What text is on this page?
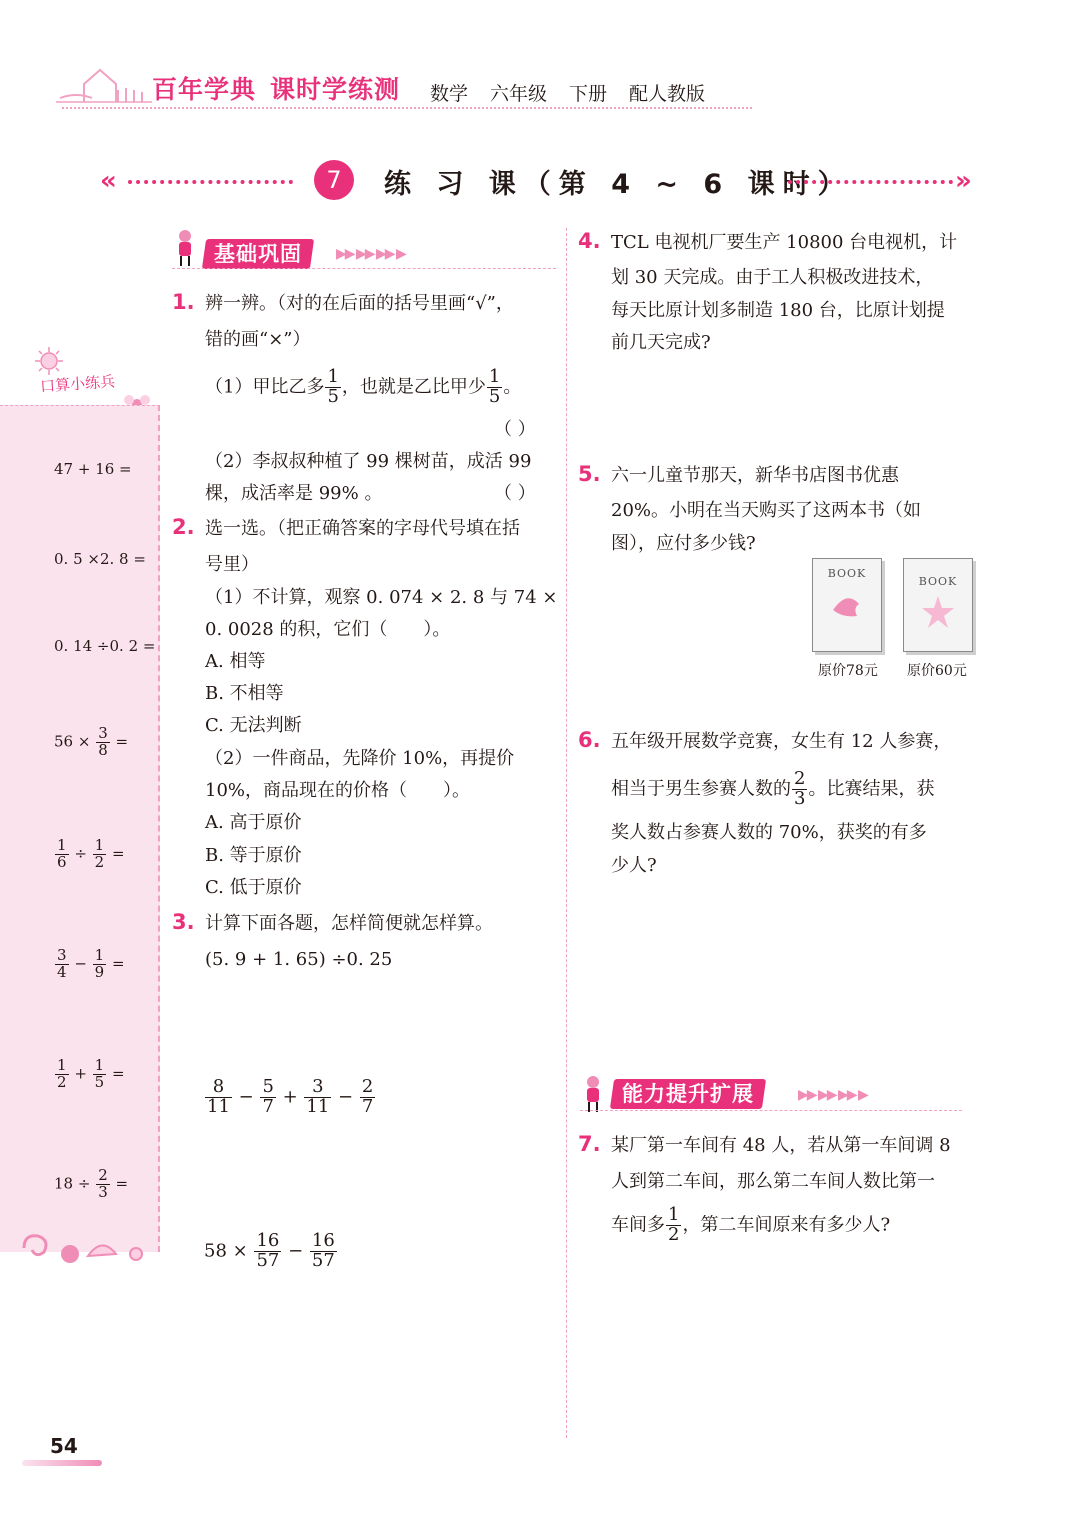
百年学典 课时学练测	数学 六年级 下册 配人教版
«	7	练 习 课（第 4 ~ 6 课时）	»
口算小练兵
47 + 16 =
0. 5 ×2. 8 =
0. 14 ÷0. 2 =
$56 \times \frac{3}{8}$ =
$\frac{1}{6} \div \frac{1}{2}$ =
$\frac{3}{4} - \frac{1}{9}$ =
$\frac{1}{2} + \frac{1}{5}$ =
$18 \div \frac{2}{3}$ =
基础巩固	▶▶ ▶▶ ▶▶ ▶
1. 辨一辨。（对的在后面的括号里画“√”，
错的画“×”）
（1）甲比乙多 $\frac{1}{5}$ ，也就是乙比甲少 $\frac{1}{5}$ 。
（ ）
（2）李叔叔种植了 99 棵树苗，成活 99
棵，成活率是 99% 。	（ ）
2. 选一选。（把正确答案的字母代号填在括
号里）
（1）不计算，观察 0. 074 × 2. 8 与 74 ×
0. 0028 的积，它们（　　）。
A. 相等
B. 不相等
C. 无法判断
（2）一件商品，先降价 10%，再提价
10%，商品现在的价格（　　）。
A. 高于原价
B. 等于原价
C. 低于原价
3. 计算下面各题，怎样简便就怎样算。
(5. 9 + 1. 65) ÷0. 25
$\frac{8}{11} - \frac{5}{7} + \frac{3}{11} - \frac{2}{7}$
$58 \times \frac{16}{57} - \frac{16}{57}$
4. TCL 电视机厂要生产 10800 台电视机，计
划 30 天完成。由于工人积极改进技术，
每天比原计划多制造 180 台，比原计划提
前几天完成?
5. 六一儿童节那天，新华书店图书优惠
20%。小明在当天购买了这两本书（如
图），应付多少钱?
BOOK
原价78元
BOOK
原价60元
6. 五年级开展数学竞赛，女生有 12 人参赛，
相当于男生参赛人数的 $\frac{2}{3}$ 。比赛结果，获
奖人数占参赛人数的 70%，获奖的有多
少人?
能力提升扩展	▶▶ ▶▶ ▶▶ ▶
7. 某厂第一车间有 48 人，若从第一车间调 8
人到第二车间，那么第二车间人数比第一
车间多 $\frac{1}{2}$ ，第二车间原来有多少人?
54
